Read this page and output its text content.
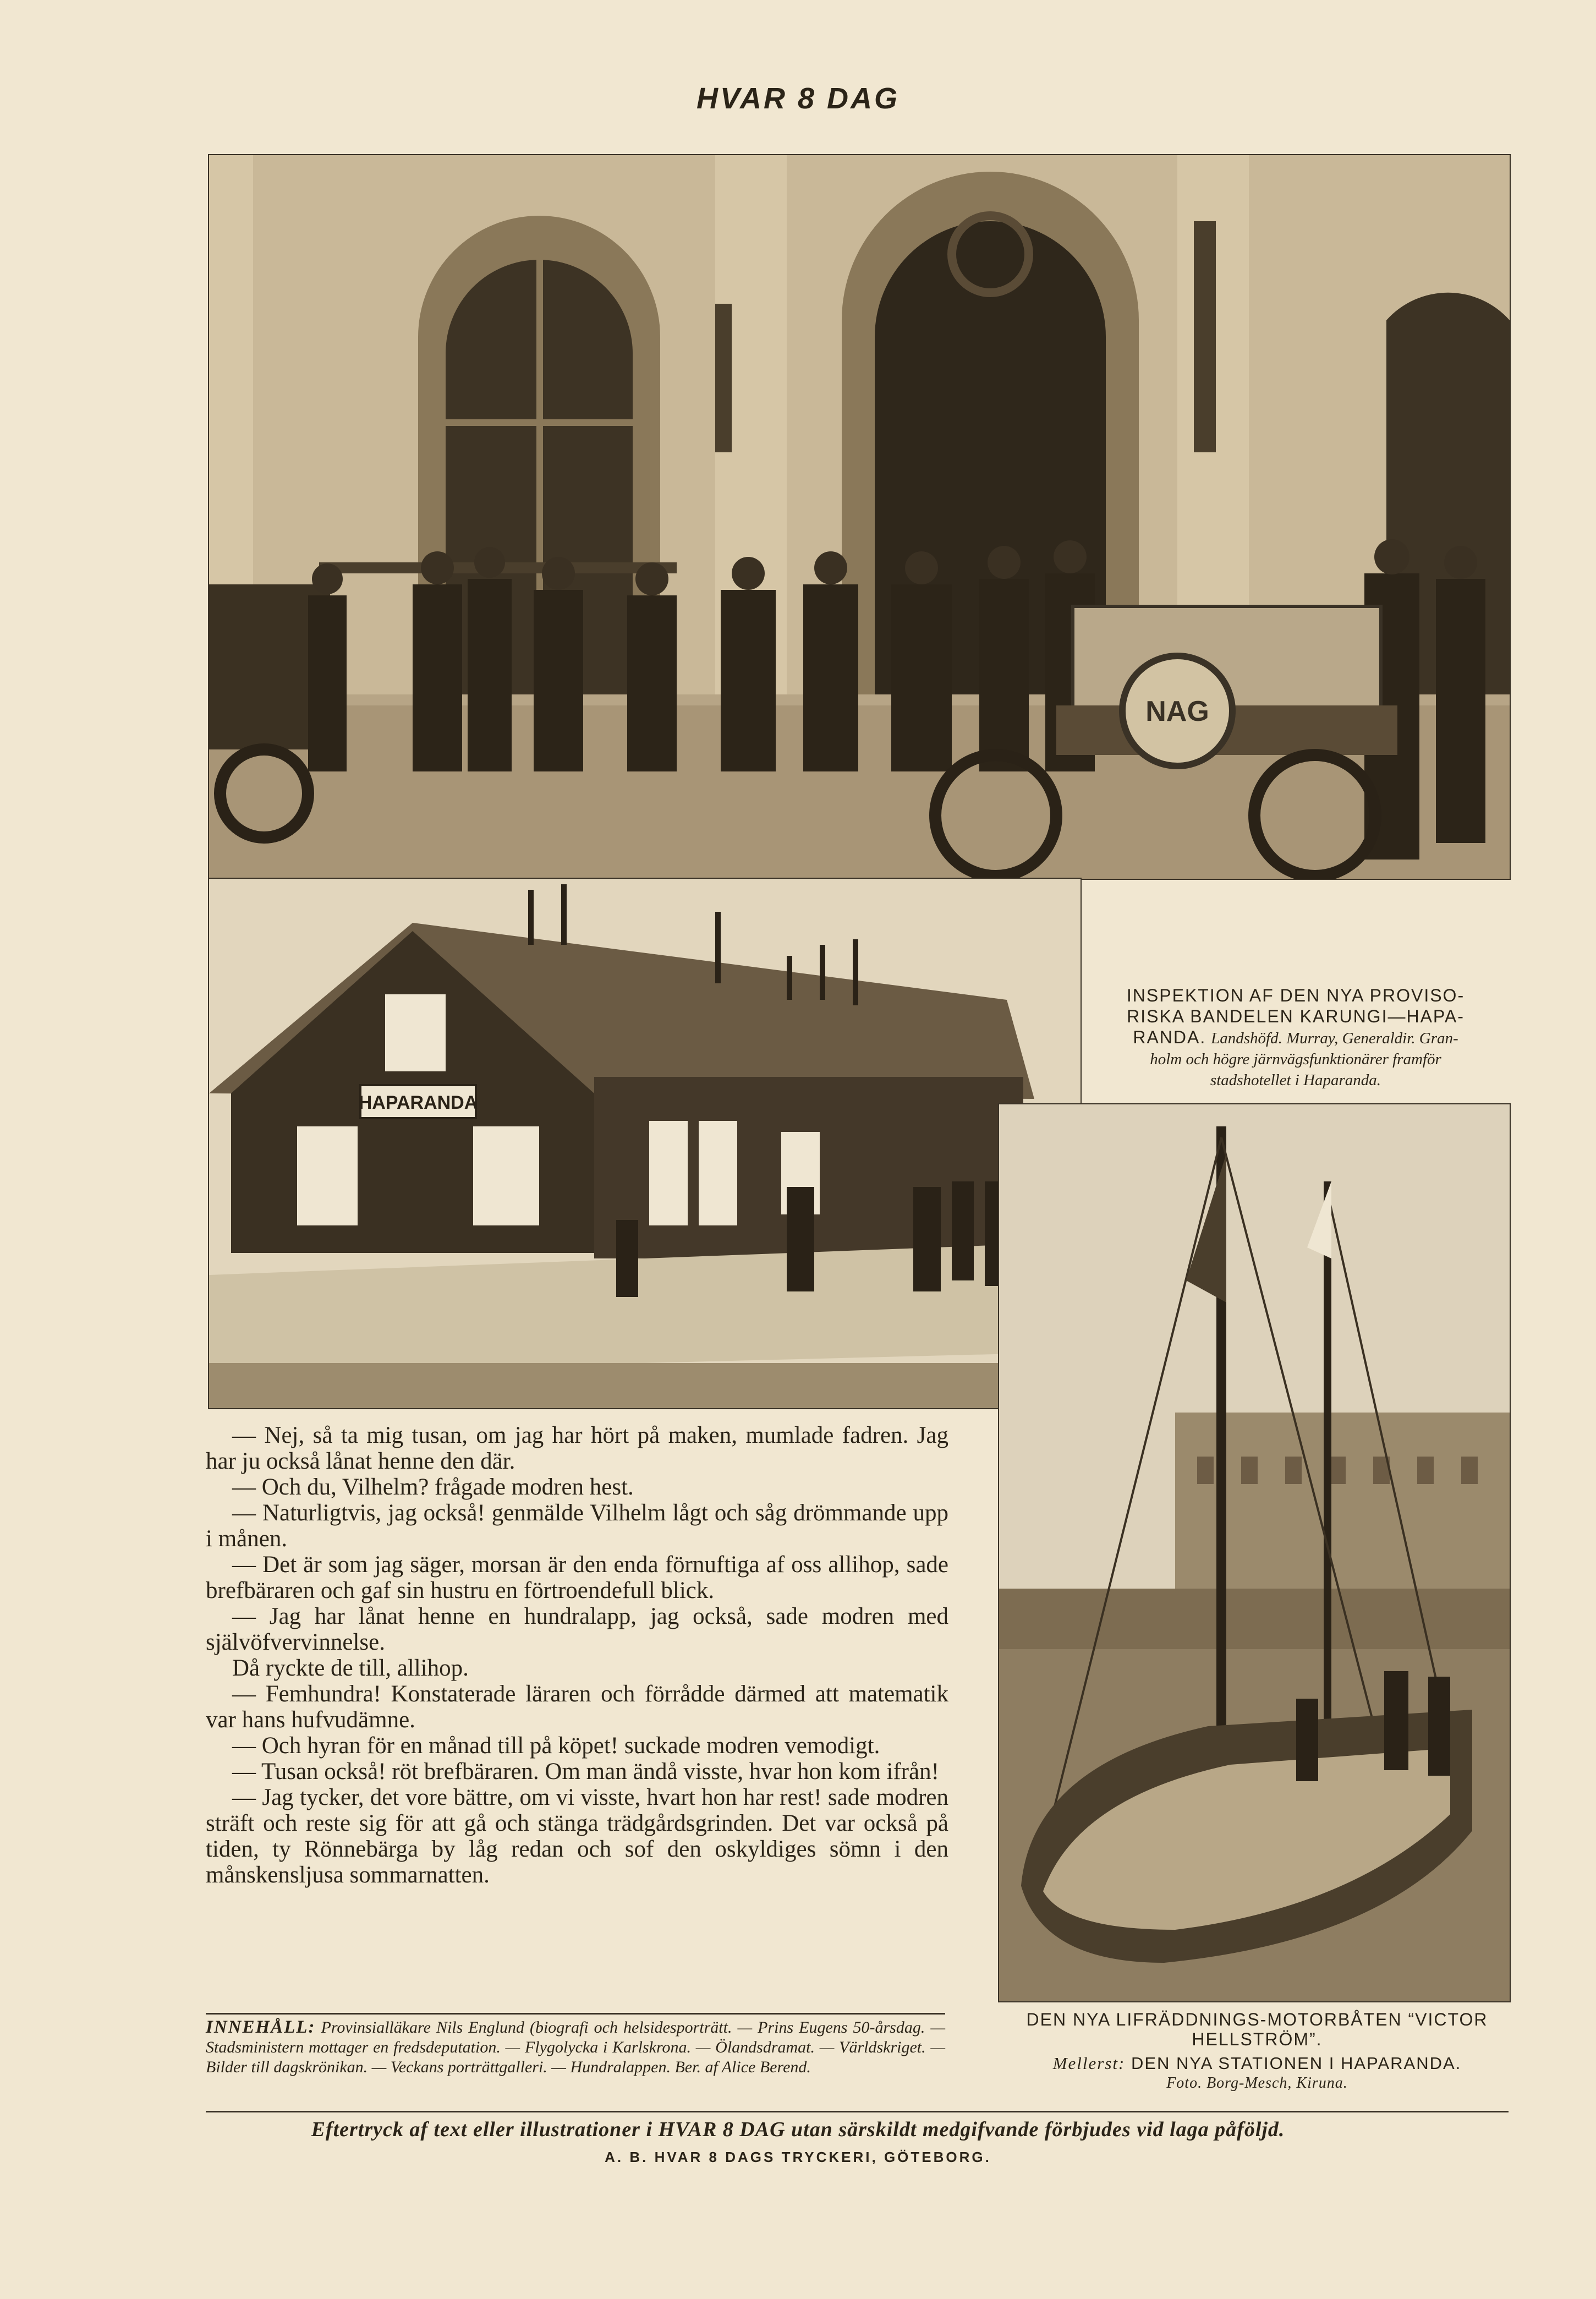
HVAR 8 DAG
NAG
HAPARANDA
INSPEKTION AF DEN NYA PROVISO-
RISKA BANDELEN KARUNGI—HAPA-
RANDA. Landshöfd. Murray, Generaldir. Gran-
holm och högre järnvägsfunktionärer framför
stadshotellet i Haparanda.

— Nej, så ta mig tusan, om jag har hört på maken, mumlade fadren. Jag har ju också lånat henne den där.

— Och du, Vilhelm? frågade modren hest.

— Naturligtvis, jag också! genmälde Vilhelm lågt och såg drömmande upp i månen.

— Det är som jag säger, morsan är den enda förnuftiga af oss allihop, sade brefbäraren och gaf sin hustru en förtroendefull blick.

— Jag har lånat henne en hundralapp, jag också, sade modren med självöfvervinnelse.

Då ryckte de till, allihop.

— Femhundra! Konstaterade läraren och förrådde därmed att matematik var hans hufvudämne.

— Och hyran för en månad till på köpet! suckade modren vemodigt.

— Tusan också! röt brefbäraren. Om man ändå visste, hvar hon kom ifrån!

— Jag tycker, det vore bättre, om vi visste, hvart hon har rest! sade modren sträft och reste sig för att gå och stänga trädgårdsgrinden. Det var också på tiden, ty Rönnebärga by låg redan och sof den oskyldiges sömn i den månskensljusa sommarnatten.

DEN NYA LIFRÄDDNINGS-MOTORBÅTEN “VICTOR HELLSTRÖM”.
Mellerst: DEN NYA STATIONEN I HAPARANDA.
Foto. Borg-Mesch, Kiruna.
INNEHÅLL: Provinsialläkare Nils Englund (biografi och helsidesporträtt. — Prins Eugens 50-årsdag. — Stadsministern mottager en fredsdeputation. — Flygolycka i Karlskrona. — Ölandsdramat. — Världskriget. — Bilder till dagskrönikan. — Veckans porträttgalleri. — Hundralappen. Ber. af Alice Berend.
Eftertryck af text eller illustrationer i HVAR 8 DAG utan särskildt medgifvande förbjudes vid laga påföljd.
A. B. HVAR 8 DAGS TRYCKERI, GÖTEBORG.
